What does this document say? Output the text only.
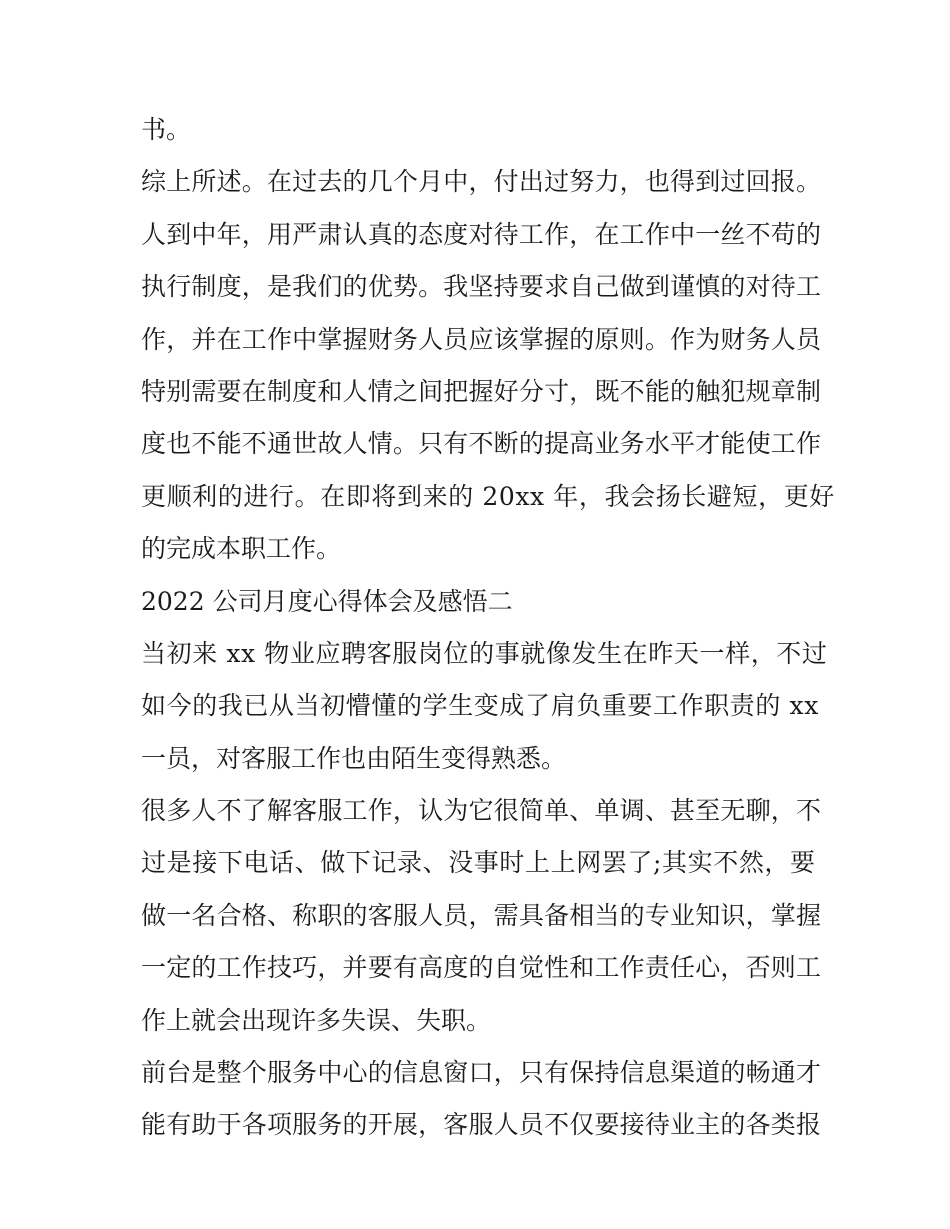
书。
综上所述。在过去的几个月中，付出过努力，也得到过回报。
人到中年，用严肃认真的态度对待工作，在工作中一丝不苟的
执行制度，是我们的优势。我坚持要求自己做到谨慎的对待工
作，并在工作中掌握财务人员应该掌握的原则。作为财务人员
特别需要在制度和人情之间把握好分寸，既不能的触犯规章制
度也不能不通世故人情。只有不断的提高业务水平才能使工作
更顺利的进行。在即将到来的 20xx 年，我会扬长避短，更好
的完成本职工作。
2022 公司月度心得体会及感悟二
当初来 xx 物业应聘客服岗位的事就像发生在昨天一样，不过
如今的我已从当初懵懂的学生变成了肩负重要工作职责的 xx
一员，对客服工作也由陌生变得熟悉。
很多人不了解客服工作，认为它很简单、单调、甚至无聊，不
过是接下电话、做下记录、没事时上上网罢了;其实不然，要
做一名合格、称职的客服人员，需具备相当的专业知识，掌握
一定的工作技巧，并要有高度的自觉性和工作责任心，否则工
作上就会出现许多失误、失职。
前台是整个服务中心的信息窗口，只有保持信息渠道的畅通才
能有助于各项服务的开展，客服人员不仅要接待业主的各类报
